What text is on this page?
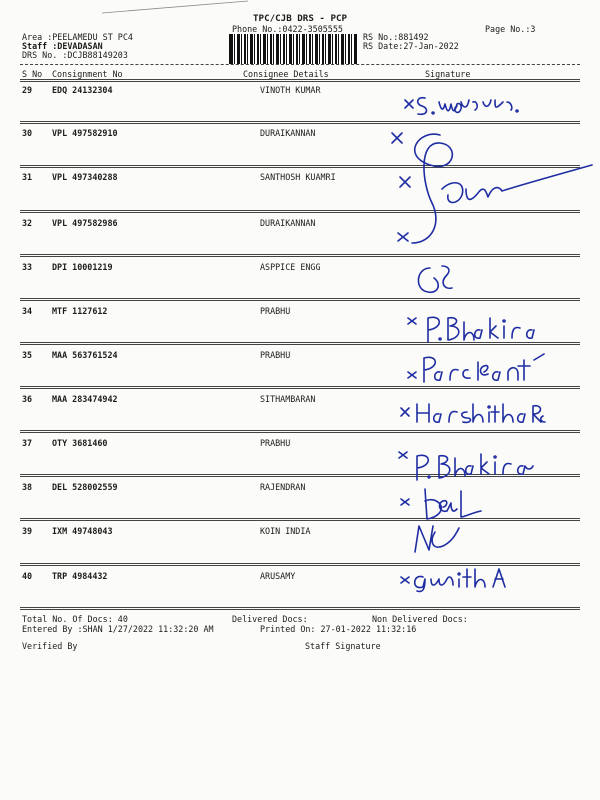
TPC/CJB DRS - PCP
Phone No.:0422-3505555	Page No.:3
Area :PEELAMEDU ST PC4
Staff :DEVADASAN
DRS No. :DCJB88149203
RS No.:881492
RS Date:27-Jan-2022
S No Consignment No	Consignee Details	Signature
29 EDQ 24132304	VINOTH KUMAR
30 VPL 497582910	DURAIKANNAN
31 VPL 497340288	SANTHOSH KUAMRI
32 VPL 497582986	DURAIKANNAN
33 DPI 10001219	ASPPICE ENGG
34 MTF 1127612	PRABHU
35 MAA 563761524	PRABHU
36 MAA 283474942	SITHAMBARAN
37 OTY 3681460	PRABHU
38 DEL 528002559	RAJENDRAN
39 IXM 49748043	KOIN INDIA
40 TRP 4984432	ARUSAMY
Total No. Of Docs: 40	Delivered Docs:	Non Delivered Docs:
Entered By :SHAN 1/27/2022 11:32:20 AM	Printed On: 27-01-2022 11:32:16
Verified By	Staff Signature
